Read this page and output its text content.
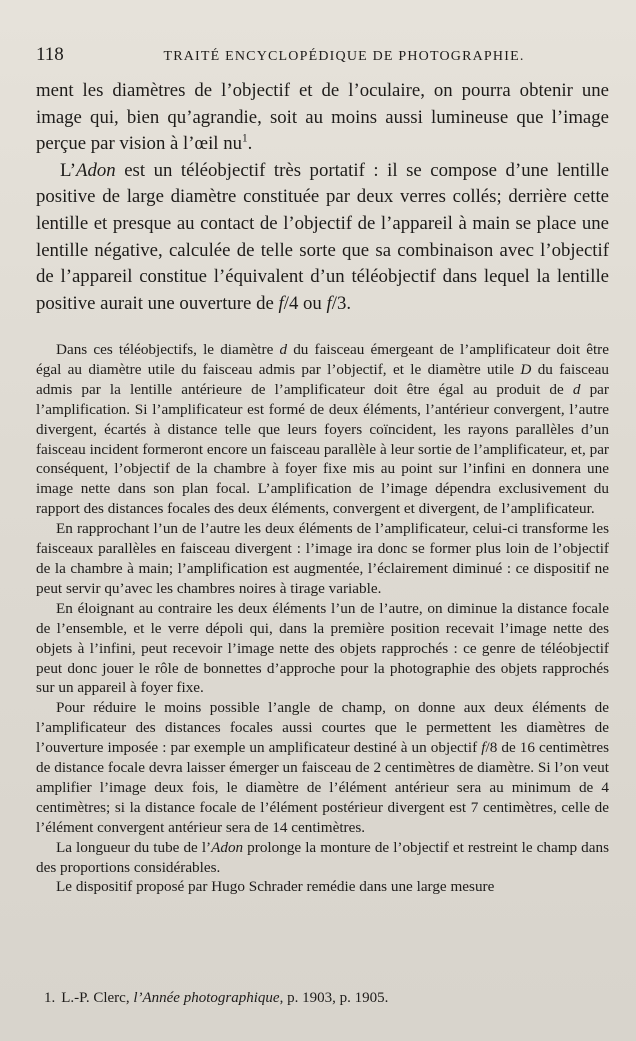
118	TRAITÉ ENCYCLOPÉDIQUE DE PHOTOGRAPHIE.

ment les diamètres de l’objectif et de l’oculaire, on pourra obtenir une image qui, bien qu’agrandie, soit au moins aussi lumineuse que l’image perçue par vision à l’œil $nu^1$.

L’Adon est un téléobjectif très portatif : il se compose d’une lentille positive de large diamètre constituée par deux verres collés; derrière cette lentille et presque au contact de l’objectif de l’appareil à main se place une lentille négative, calculée de telle sorte que sa combinaison avec l’objectif de l’appareil constitue l’équivalent d’un téléobjectif dans lequel la lentille positive aurait une ouverture de f/4 ou f/3.

Dans ces téléobjectifs, le diamètre d du faisceau émergeant de l’amplificateur doit être égal au diamètre utile du faisceau admis par l’objectif, et le diamètre utile D du faisceau admis par la lentille antérieure de l’amplificateur doit être égal au produit de d par l’amplification. Si l’amplificateur est formé de deux éléments, l’antérieur convergent, l’autre divergent, écartés à distance telle que leurs foyers coïncident, les rayons parallèles d’un faisceau incident formeront encore un faisceau parallèle à leur sortie de l’amplificateur, et, par conséquent, l’objectif de la chambre à foyer fixe mis au point sur l’infini en donnera une image nette dans son plan focal. L’amplification de l’image dépendra exclusivement du rapport des distances focales des deux éléments, convergent et divergent, de l’amplificateur.

En rapprochant l’un de l’autre les deux éléments de l’amplificateur, celui-ci transforme les faisceaux parallèles en faisceau divergent : l’image ira donc se former plus loin de l’objectif de la chambre à main; l’amplification est augmentée, l’éclairement diminué : ce dispositif ne peut servir qu’avec les chambres noires à tirage variable.

En éloignant au contraire les deux éléments l’un de l’autre, on diminue la distance focale de l’ensemble, et le verre dépoli qui, dans la première position recevait l’image nette des objets à l’infini, peut recevoir l’image nette des objets rapprochés : ce genre de téléobjectif peut donc jouer le rôle de bonnettes d’approche pour la photographie des objets rapprochés sur un appareil à foyer fixe.

Pour réduire le moins possible l’angle de champ, on donne aux deux éléments de l’amplificateur des distances focales aussi courtes que le permettent les diamètres de l’ouverture imposée : par exemple un amplificateur destiné à un objectif f/8 de 16 centimètres de distance focale devra laisser émerger un faisceau de 2 centimètres de diamètre. Si l’on veut amplifier l’image deux fois, le diamètre de l’élément antérieur sera au minimum de 4 centimètres; si la distance focale de l’élément postérieur divergent est 7 centimètres, celle de l’élément convergent antérieur sera de 14 centimètres.

La longueur du tube de l’Adon prolonge la monture de l’objectif et restreint le champ dans des proportions considérables.

Le dispositif proposé par Hugo Schrader remédie dans une large mesure

1. L.-P. Clerc, l’Année photographique, p. 1903, p. 1905.
